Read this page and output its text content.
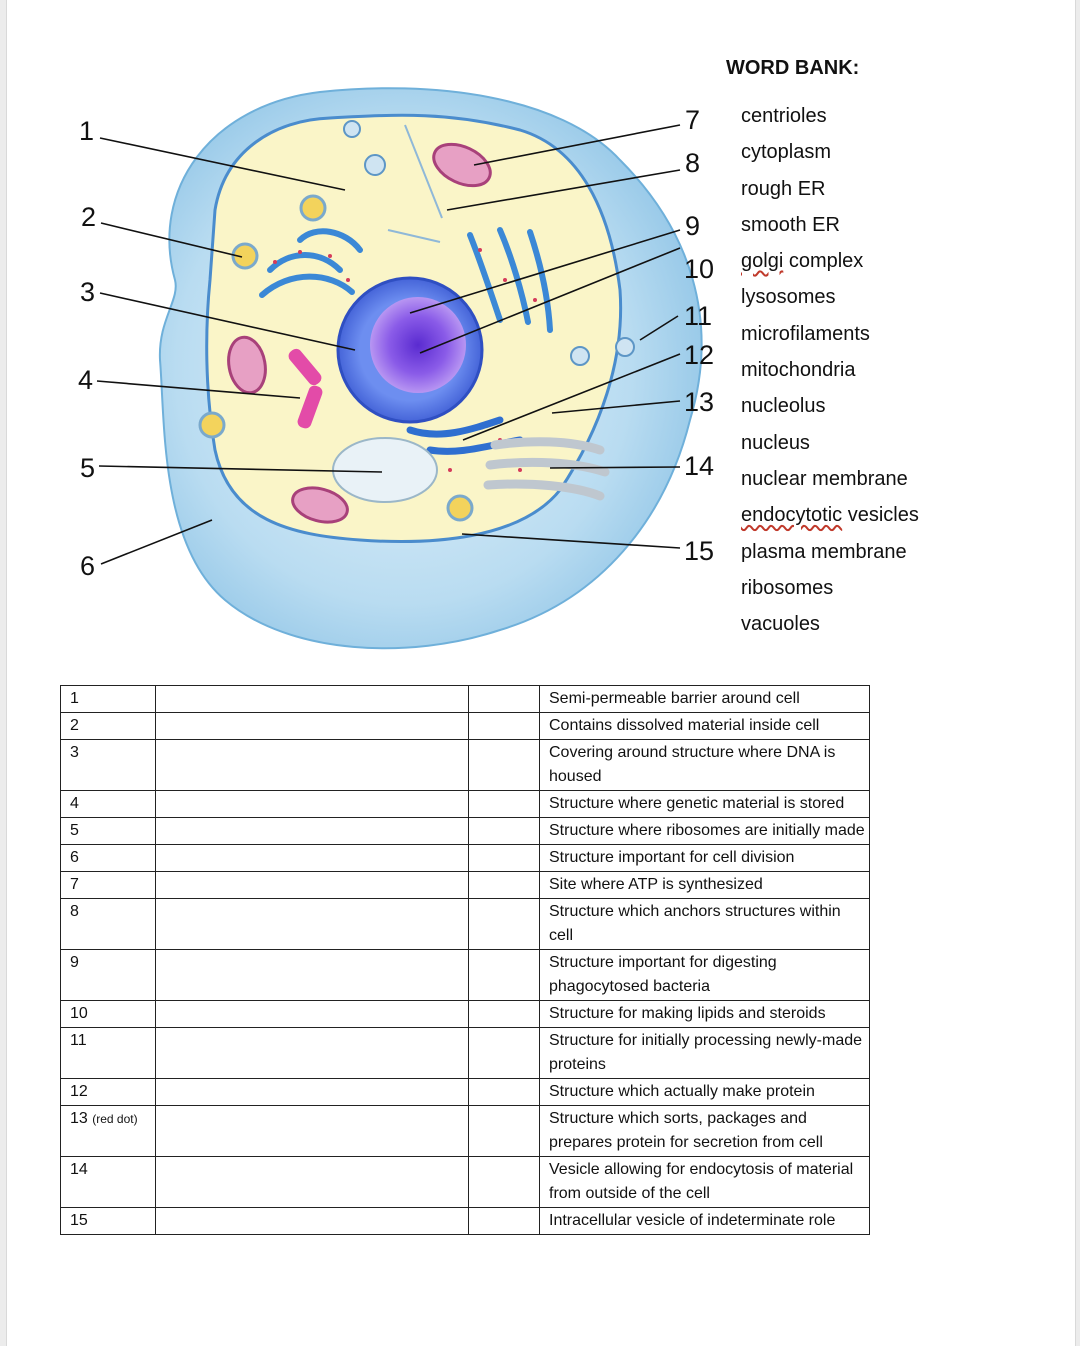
1
2
3
4
5
6
7
8
9
10
11
12
13
14
15
WORD BANK:
centrioles
cytoplasm
rough ER
smooth ER
golgi complex
lysosomes
microfilaments
mitochondria
nucleolus
nucleus
nuclear membrane
endocytotic vesicles
plasma membrane
ribosomes
vacuoles
1			Semi-permeable barrier around cell
2			Contains dissolved material inside cell
3			Covering around structure where DNA is housed
4			Structure where genetic material is stored
5			Structure where ribosomes are initially made
6			Structure important for cell division
7			Site where ATP is synthesized
8			Structure which anchors structures within cell
9			Structure important for digesting phagocytosed bacteria
10			Structure for making lipids and steroids
11			Structure for initially processing newly-made proteins
12			Structure which actually make protein
13 (red dot)			Structure which sorts, packages and prepares protein for secretion from cell
14			Vesicle allowing for endocytosis of material from outside of the cell
15			Intracellular vesicle of indeterminate role
